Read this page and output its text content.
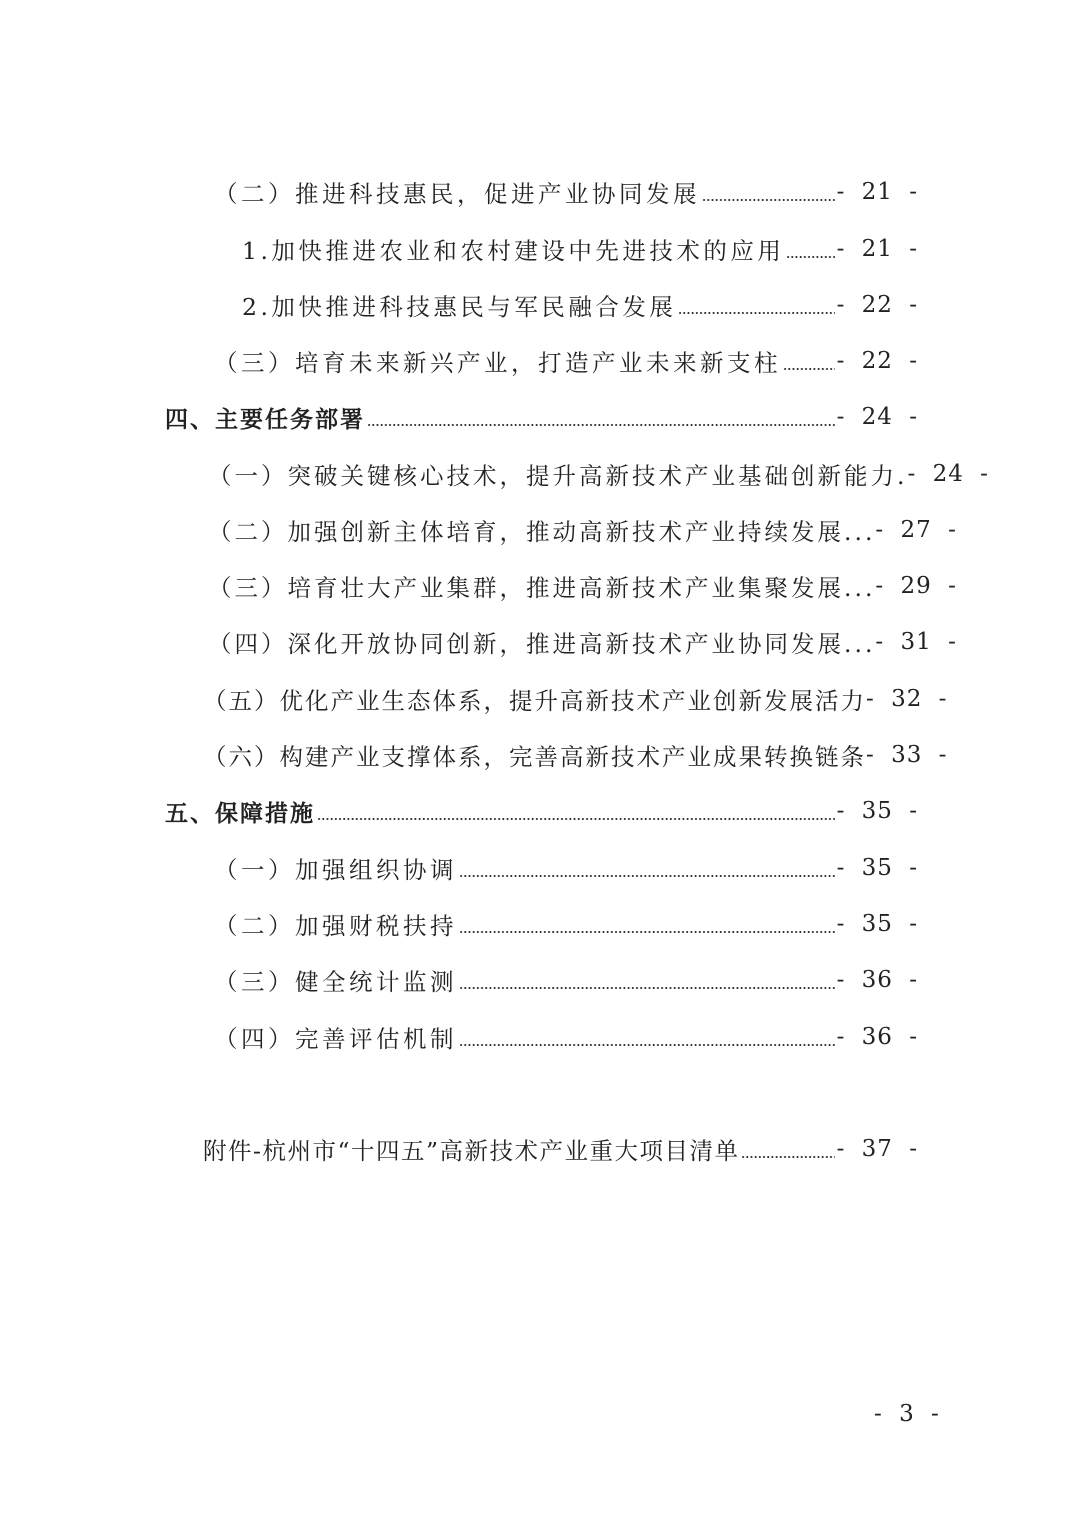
（二）推进科技惠民，促进产业协同发展	- 21 -
1.加快推进农业和农村建设中先进技术的应用 - 21 -
2.加快推进科技惠民与军民融合发展	- 22 -
（三）培育未来新兴产业，打造产业未来新支柱 - 22 -
四、主要任务部署	- 24 -
（一）突破关键核心技术，提升高新技术产业基础创新能力. - 24 -
（二）加强创新主体培育，推动高新技术产业持续发展... - 27 -
（三）培育壮大产业集群，推进高新技术产业集聚发展... - 29 -
（四）深化开放协同创新，推进高新技术产业协同发展... - 31 -
（五）优化产业生态体系，提升高新技术产业创新发展活力 - 32 -
（六）构建产业支撑体系，完善高新技术产业成果转换链条 - 33 -
五、保障措施	- 35 -
（一）加强组织协调	- 35 -
（二）加强财税扶持	- 35 -
（三）健全统计监测	- 36 -
（四）完善评估机制	- 36 -
附件-杭州市“十四五”高新技术产业重大项目清单	- 37 -
- 3 -
